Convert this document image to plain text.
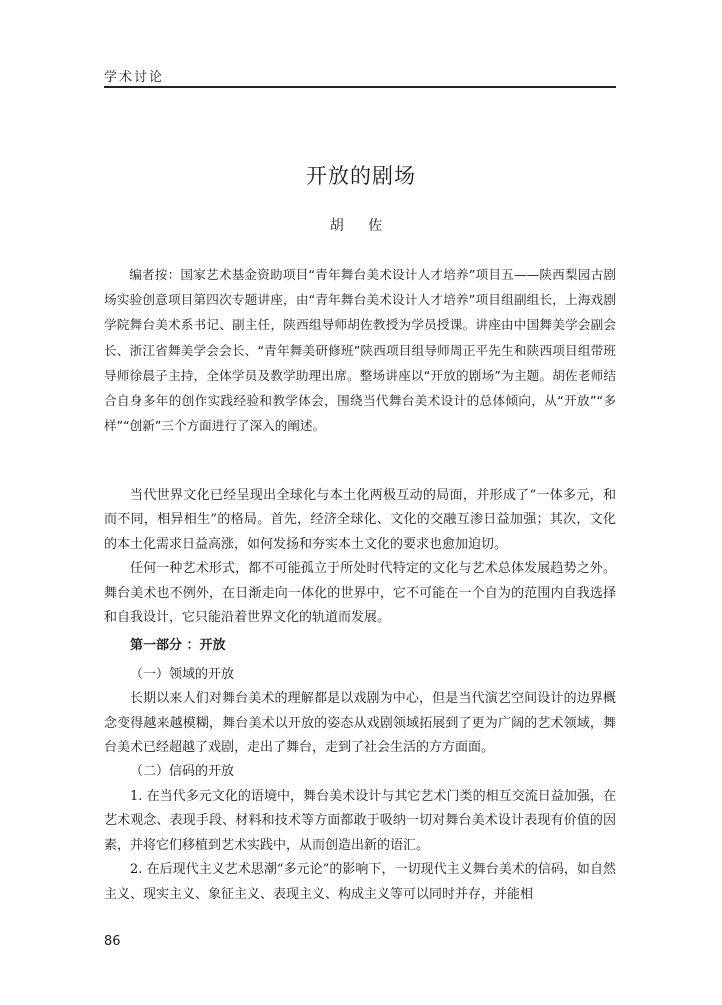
学术讨论
开放的剧场
胡 佐
编者按：国家艺术基金资助项目“青年舞台美术设计人才培养”项目五——陕西梨园古剧场实验创意项目第四次专题讲座，由“青年舞台美术设计人才培养”项目组副组长，上海戏剧学院舞台美术系书记、副主任，陕西组导师胡佐教授为学员授课。讲座由中国舞美学会副会长、浙江省舞美学会会长、“青年舞美研修班”陕西项目组导师周正平先生和陕西项目组带班导师徐晨子主持，全体学员及教学助理出席。整场讲座以“开放的剧场”为主题。胡佐老师结合自身多年的创作实践经验和教学体会，围绕当代舞台美术设计的总体倾向，从“开放”“多样”“创新”三个方面进行了深入的阐述。

当代世界文化已经呈现出全球化与本土化两极互动的局面，并形成了“一体多元，和而不同，相异相生”的格局。首先，经济全球化、文化的交融互渗日益加强；其次，文化的本土化需求日益高涨，如何发扬和夯实本土文化的要求也愈加迫切。

任何一种艺术形式，都不可能孤立于所处时代特定的文化与艺术总体发展趋势之外。舞台美术也不例外，在日渐走向一体化的世界中，它不可能在一个自为的范围内自我选择和自我设计，它只能沿着世界文化的轨道而发展。

第一部分 ：开放
（一）领域的开放

长期以来人们对舞台美术的理解都是以戏剧为中心，但是当代演艺空间设计的边界概念变得越来越模糊，舞台美术以开放的姿态从戏剧领域拓展到了更为广阔的艺术领域，舞台美术已经超越了戏剧，走出了舞台，走到了社会生活的方方面面。

（二）信码的开放

1. 在当代多元文化的语境中，舞台美术设计与其它艺术门类的相互交流日益加强，在艺术观念、表现手段、材料和技术等方面都敢于吸纳一切对舞台美术设计表现有价值的因素，并将它们移植到艺术实践中，从而创造出新的语汇。

2. 在后现代主义艺术思潮“多元论”的影响下，一切现代主义舞台美术的信码，如自然主义、现实主义、象征主义、表现主义、构成主义等可以同时并存，并能相

86
